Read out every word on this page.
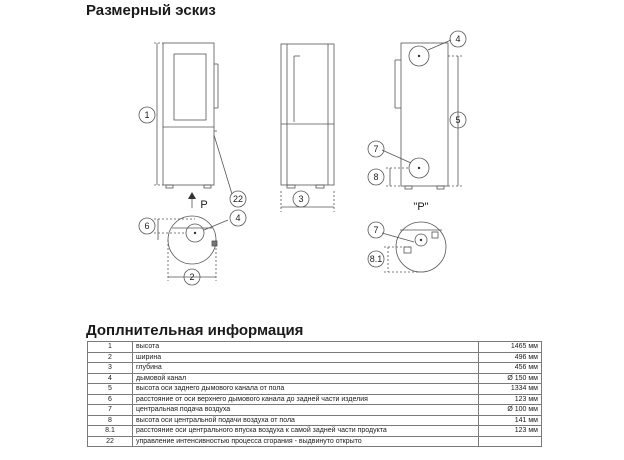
Размерный эскиз
1
22	3
4
5
7
8
4
6
2
7
8.1
P	"P"
Доплнительная информация
1	высота	1465 мм
2	ширина	496 мм
3	глубина	456 мм
4	дымовой канал	Ø 150 мм
5	высота оси заднего дымового канала от пола	1334 мм
6	расстояние от оси верхнего дымового канала до задней части изделия	123 мм
7	центральная подача воздуха	Ø 100 мм
8	высота оси центральной подачи воздуха от пола	141 мм
8.1	расстояние оси центрального впуска воздуха к самой задней части продукта	123 мм
22	управление интенсивностью процесса сгорания - выдвинуто открыто	
